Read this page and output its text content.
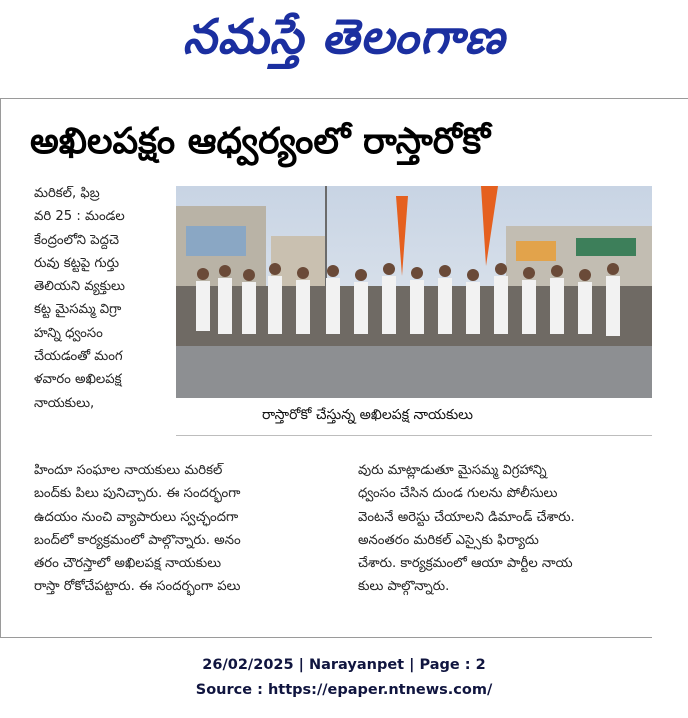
నమస్తే తెలంగాణ
అఖిలపక్షం ఆధ్వర్యంలో రాస్తారోకో

మరికల్, ఫిబ్ర

వరి 25 : మండల

కేంద్రంలోని పెద్దచె

రువు కట్టపై గుర్తు

తెలియని వ్యక్తులు

కట్ట మైసమ్మ విగ్రా

హన్ని ధ్వంసం

చేయడంతో మంగ

ళవారం అఖిలపక్ష

నాయకులు,

రాస్తారోకో చేస్తున్న అఖిలపక్ష నాయకులు

హిందూ సంఘాల నాయకులు మరికల్

బంద్‌కు పిలు పునిచ్చారు. ఈ సందర్భంగా

ఉదయం నుంచి వ్యాపారులు స్వచ్ఛందగా

బంద్‌లో కార్యక్రమంలో పాల్గొన్నారు. అనం

తరం చౌరస్తాలో అఖిలపక్ష నాయకులు

రాస్తా రోకోచేపట్టారు. ఈ సందర్భంగా పలు

వురు మాట్లాడుతూ మైసమ్మ విగ్రహాన్ని

ధ్వంసం చేసిన దుండ గులను పోలీసులు

వెంటనే అరెస్టు చేయాలని డిమాండ్ చేశారు.

అనంతరం మరికల్ ఎస్సైకు ఫిర్యాదు

చేశారు. కార్యక్రమంలో ఆయా పార్టీల నాయ

కులు పాల్గొన్నారు.

26/02/2025 | Narayanpet | Page : 2
Source : https://epaper.ntnews.com/
